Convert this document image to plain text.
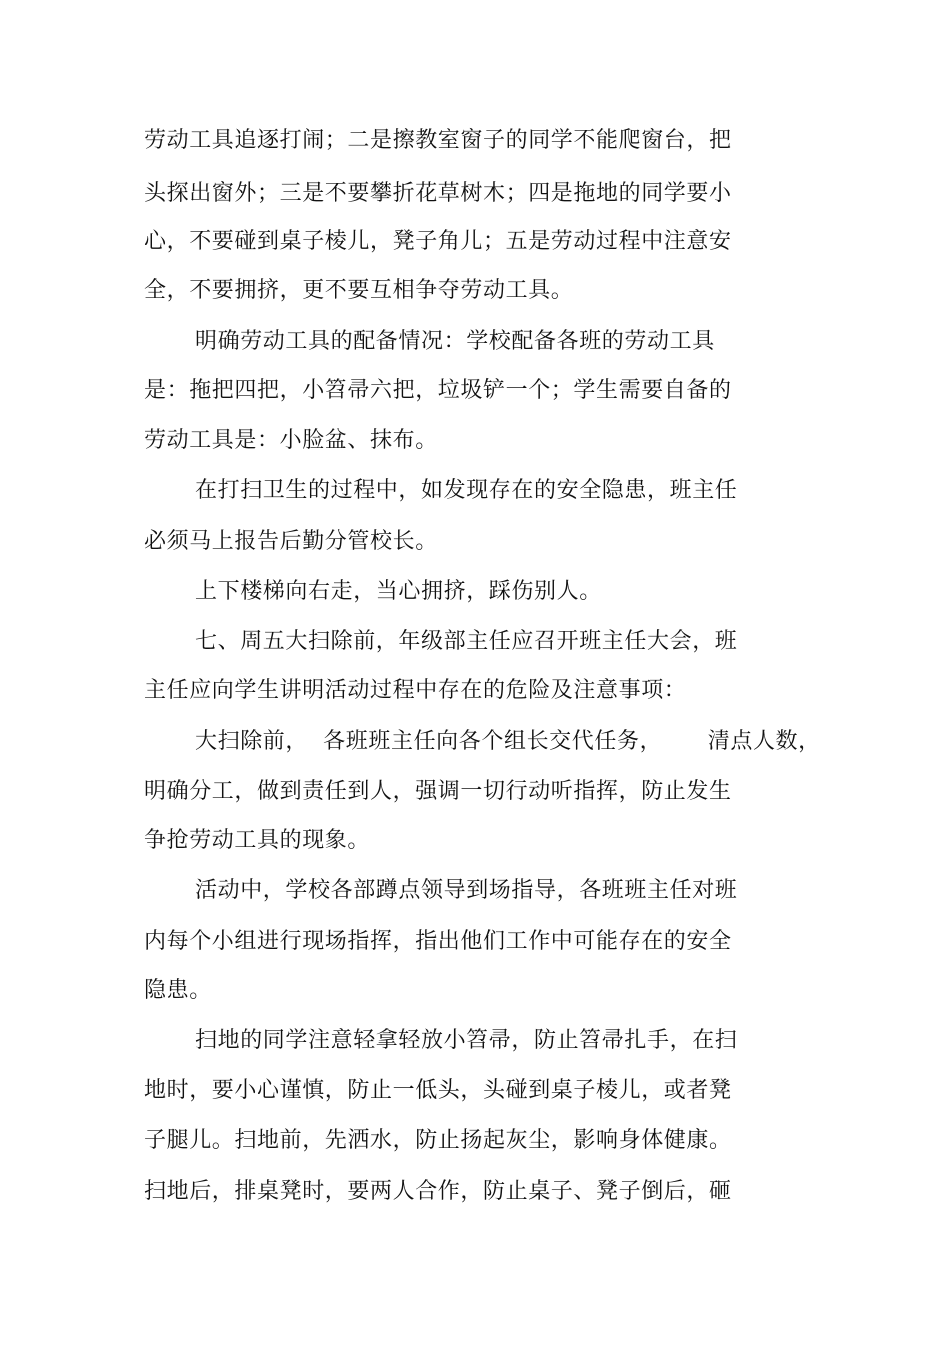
劳动工具追逐打闹；二是擦教室窗子的同学不能爬窗台，把
头探出窗外；三是不要攀折花草树木；四是拖地的同学要小
心，不要碰到桌子棱儿，凳子角儿；五是劳动过程中注意安
全，不要拥挤，更不要互相争夺劳动工具。
明确劳动工具的配备情况：学校配备各班的劳动工具
是：拖把四把，小笤帚六把，垃圾铲一个；学生需要自备的
劳动工具是：小脸盆、抹布。
在打扫卫生的过程中，如发现存在的安全隐患，班主任
必须马上报告后勤分管校长。
上下楼梯向右走，当心拥挤，踩伤别人。
七、周五大扫除前，年级部主任应召开班主任大会，班
主任应向学生讲明活动过程中存在的危险及注意事项：
大扫除前，  各班班主任向各个组长交代任务，      清点人数，
明确分工，做到责任到人，强调一切行动听指挥，防止发生
争抢劳动工具的现象。
活动中，学校各部蹲点领导到场指导，各班班主任对班
内每个小组进行现场指挥，指出他们工作中可能存在的安全
隐患。
扫地的同学注意轻拿轻放小笤帚，防止笤帚扎手，在扫
地时，要小心谨慎，防止一低头，头碰到桌子棱儿，或者凳
子腿儿。扫地前，先洒水，防止扬起灰尘，影响身体健康。
扫地后，排桌凳时，要两人合作，防止桌子、凳子倒后，砸
